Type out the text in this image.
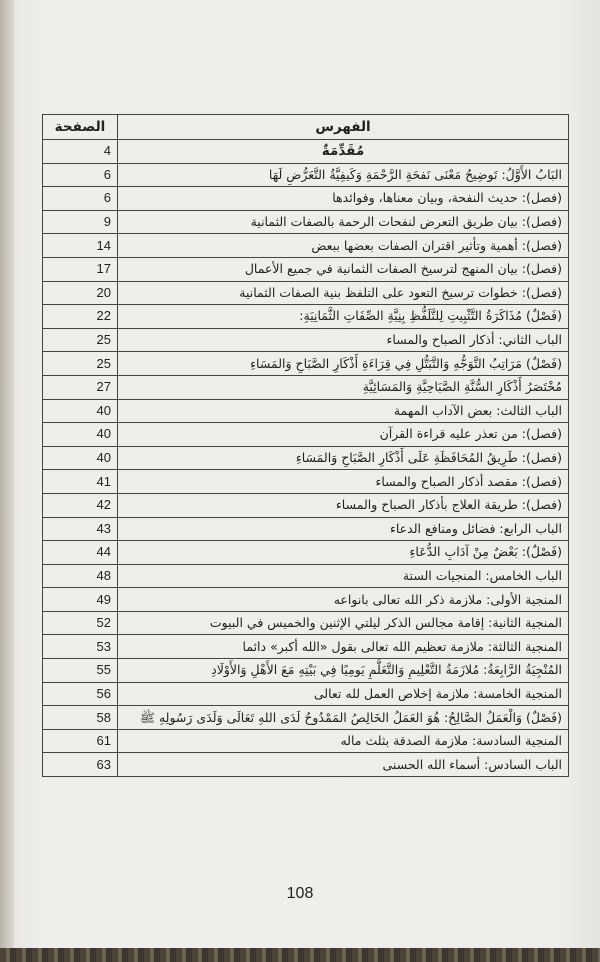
الفهرس	الصفحة
مُقَدِّمَةٌ	4
البَابُ الأَوَّلُ: تَوضِيحُ مَعْنَى نَفحَةِ الرَّحْمَةِ وَكَيفِيَّةُ التَّعَرُّضِ لَهَا	6
(فصل): حديث النفحة، وبيان معناها، وفوائدها	6
(فصل): بيان طريق التعرض لنفحات الرحمة بالصفات الثمانية	9
(فصل): أهمية وتأثير اقتران الصفات بعضها ببعض	14
(فصل): بيان المنهج لترسيخ الصفات الثمانية في جميع الأعمال	17
(فصل): خطوات ترسيخ التعود على التلفظ بنية الصفات الثمانية	20
(فَصْلٌ) مُذَاكَرَةُ التَّثْبِيتِ لِلتَّلَفُّظِ بِنِيَّةِ الصِّفَاتِ الثَّمَانِيَةِ:	22
الباب الثاني: أذكار الصباح والمساء	25
(فَصْلٌ) مَرَاتِبُ التَّوَجُّهِ وَالتَّبَتُّلِ فِي قِرَاءَةِ أَذْكَارِ الصَّبَاحِ وَالمَسَاءِ	25
مُخْتَصَرُ أَذْكَارِ السُّنَّةِ الصَّبَاحِيَّةِ وَالمَسَائِيَّةِ	27
الباب الثالث: بعض الآداب المهمة	40
(فصل): من تعذر عليه قراءة القرآن	40
(فصل): طَرِيقُ المُحَافَظَةِ عَلَى أَذْكَارِ الصَّبَاحِ وَالمَسَاءِ	40
(فصل): مقصد أذكار الصباح والمساء	41
(فصل): طريقة العلاج بأذكار الصباح والمساء	42
الباب الرابع: فضائل ومنافع الدعاء	43
(فَصْلٌ): بَعْضٌ مِنْ آدَابِ الدُّعَاءِ	44
الباب الخامس: المنجيات الستة	48
المنجية الأولى: ملازمة ذكر الله تعالى بانواعه	49
المنجية الثانية: إقامة مجالس الذكر ليلتي الإثنين والخميس في البيوت	52
المنجية الثالثة: ملازمة تعظيم الله تعالى بقول «الله أكبر» دائما	53
المُنْجِيَةُ الرَّابِعَةُ: مُلازَمَةُ التَّعْلِيمِ وَالتَّعَلُّمِ يَومِيًا فِي بَيْتِهِ مَعَ الأَهْلِ وَالأَوْلَادِ	55
المنجية الخامسة: ملازمة إخلاص العمل لله تعالى	56
(فَصْلٌ) وَالْعَمَلُ الصَّالِحُ: هُوَ العَمَلُ الخَالِصُ المَمْدُوحُ لَدَى اللهِ تَعَالَى وَلَدَى رَسُولِهِ ﷺ	58
المنجية السادسة: ملازمة الصدقة بثلث ماله	61
الباب السادس: أسماء الله الحسنى	63
108
